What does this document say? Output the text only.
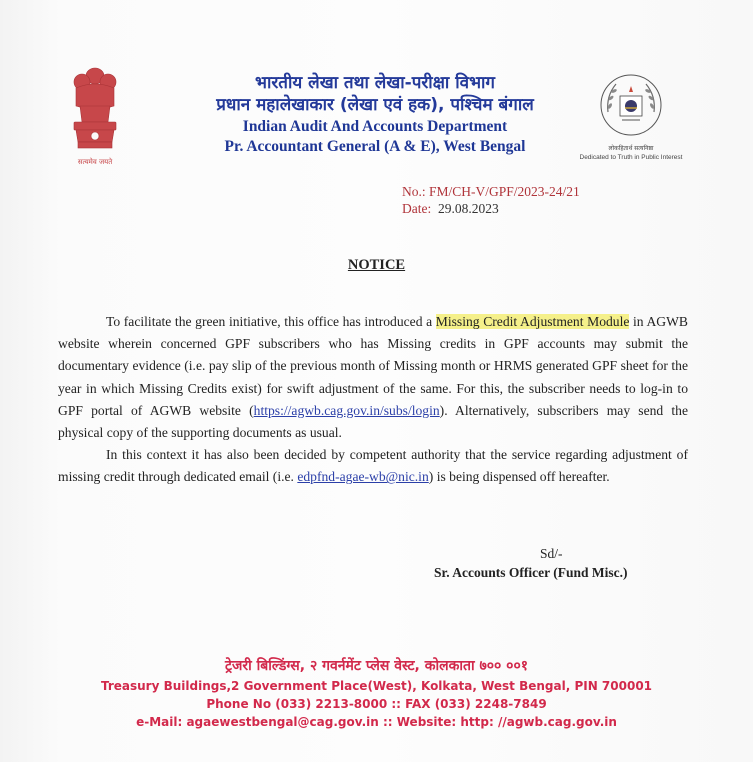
सत्यमेव जयते
भारतीय लेखा तथा लेखा-परीक्षा विभाग
प्रधान महालेखाकार (लेखा एवं हक), पश्चिम बंगाल
Indian Audit And Accounts Department
Pr. Accountant General (A & E), West Bengal	लोकहितार्थ सत्यनिष्ठा
Dedicated to Truth in Public Interest
No.: FM/CH-V/GPF/2023-24/21
Date: 29.08.2023
NOTICE

To facilitate the green initiative, this office has introduced a Missing Credit Adjustment Module in AGWB website wherein concerned GPF subscribers who has Missing credits in GPF accounts may submit the documentary evidence (i.e. pay slip of the previous month of Missing month or HRMS generated GPF sheet for the year in which Missing Credits exist) for swift adjustment of the same. For this, the subscriber needs to log-in to GPF portal of AGWB website (https://agwb.cag.gov.in/subs/login). Alternatively, subscribers may send the physical copy of the supporting documents as usual.

In this context it has also been decided by competent authority that the service regarding adjustment of missing credit through dedicated email (i.e. edpfnd-agae-wb@nic.in) is being dispensed off hereafter.

Sd/-
Sr. Accounts Officer (Fund Misc.)
ट्रेजरी बिल्डिंग्स, २ गवर्नमेंट प्लेस वेस्ट, कोलकाता ७०० ००१
Treasury Buildings,2 Government Place(West), Kolkata, West Bengal, PIN 700001
Phone No (033) 2213-8000 :: FAX (033) 2248-7849
e-Mail: agaewestbengal@cag.gov.in :: Website: http: //agwb.cag.gov.in
